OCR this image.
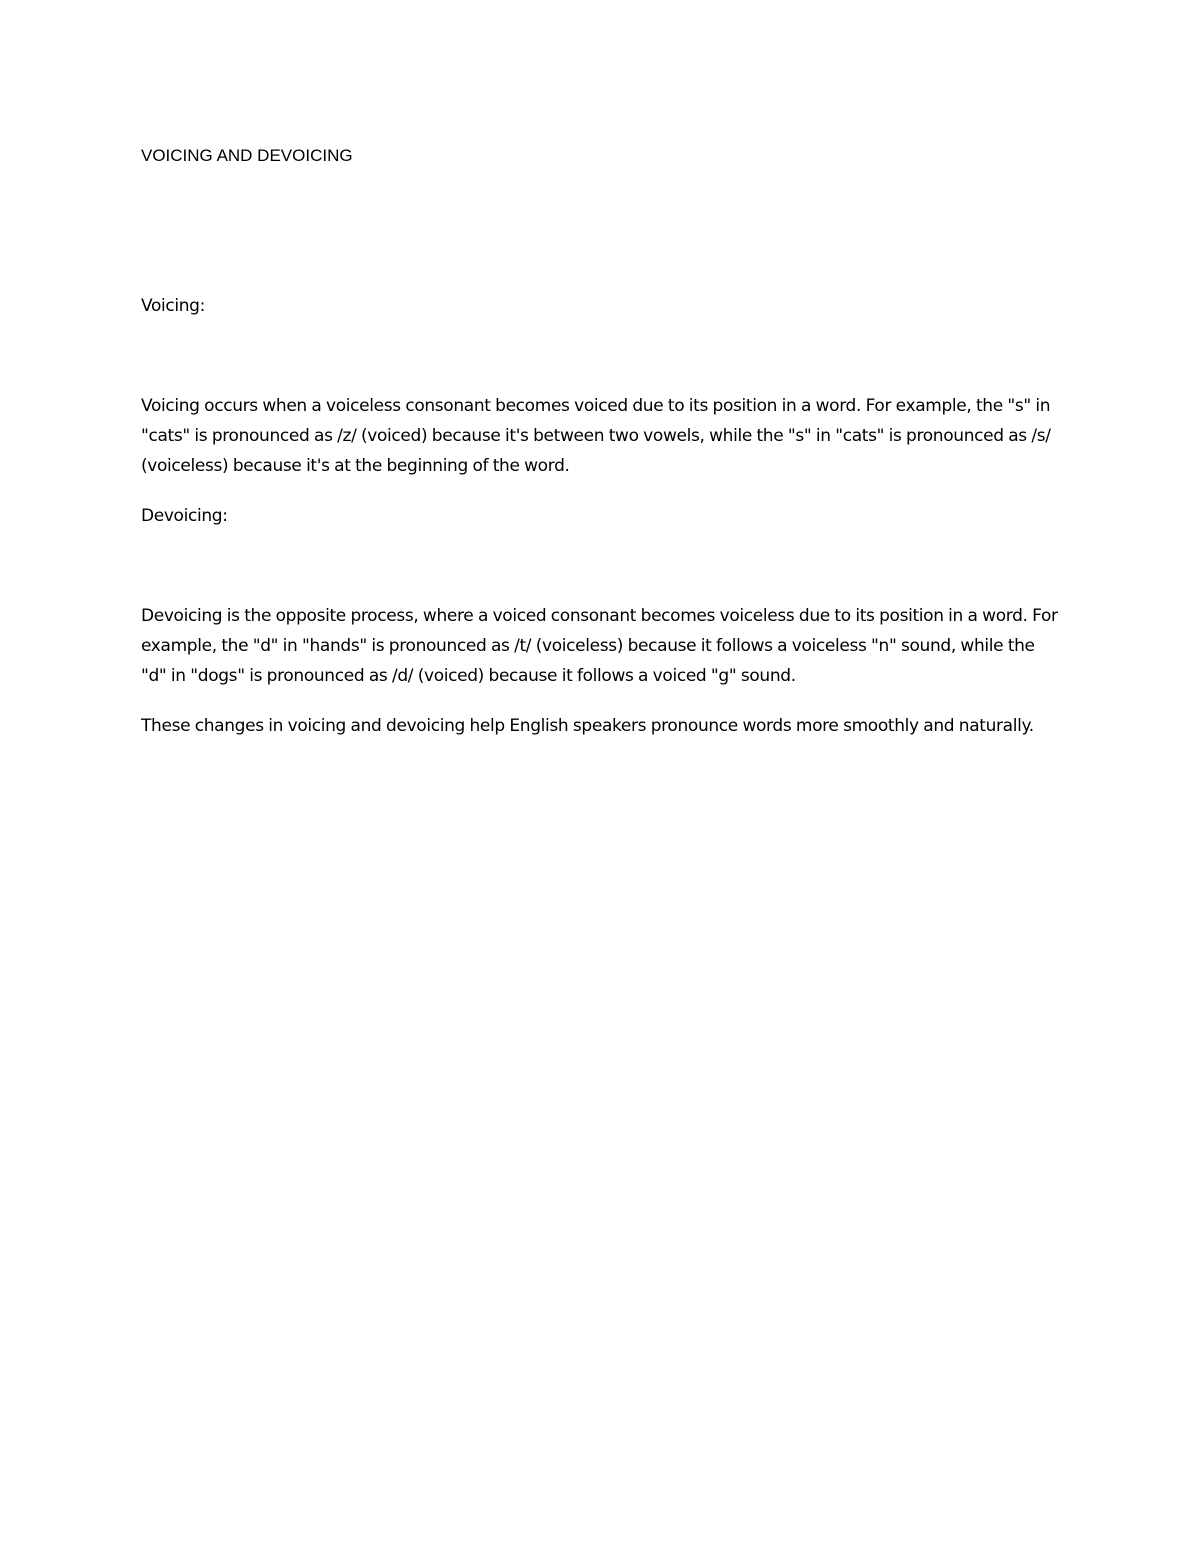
VOICING AND DEVOICING

Voicing:

Voicing occurs when a voiceless consonant becomes voiced due to its position in a word. For example, the "s" in "cats" is pronounced as /z/ (voiced) because it's between two vowels, while the "s" in "cats" is pronounced as /s/ (voiceless) because it's at the beginning of the word.

Devoicing:

Devoicing is the opposite process, where a voiced consonant becomes voiceless due to its position in a word. For example, the "d" in "hands" is pronounced as /t/ (voiceless) because it follows a voiceless "n" sound, while the "d" in "dogs" is pronounced as /d/ (voiced) because it follows a voiced "g" sound.

These changes in voicing and devoicing help English speakers pronounce words more smoothly and naturally.
